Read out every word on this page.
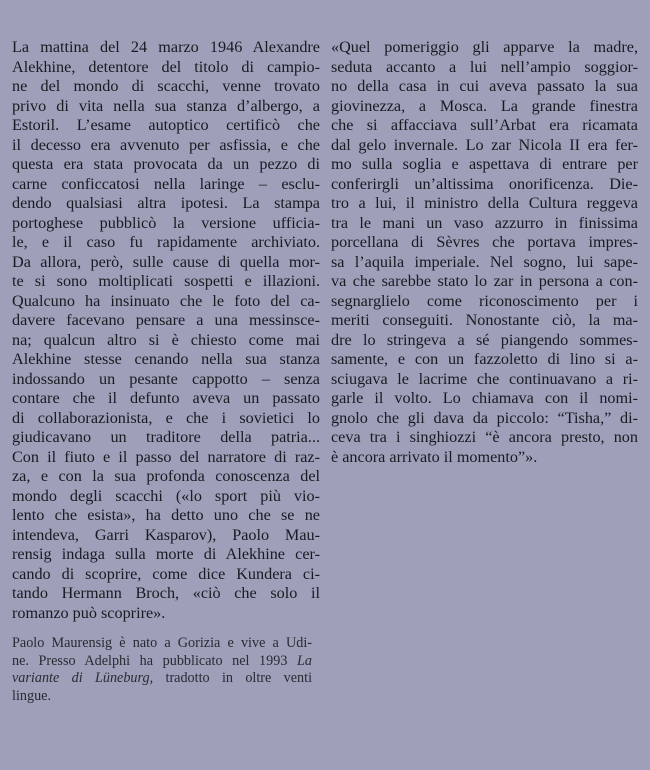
La mattina del 24 marzo 1946 Alexandre
Alekhine, detentore del titolo di campio-
ne del mondo di scacchi, venne trovato
privo di vita nella sua stanza d’albergo, a
Estoril. L’esame autoptico certificò che
il decesso era avvenuto per asfissia, e che
questa era stata provocata da un pezzo di
carne conficcatosi nella laringe – esclu-
dendo qualsiasi altra ipotesi. La stampa
portoghese pubblicò la versione ufficia-
le, e il caso fu rapidamente archiviato.
Da allora, però, sulle cause di quella mor-
te si sono moltiplicati sospetti e illazioni.
Qualcuno ha insinuato che le foto del ca-
davere facevano pensare a una messinsce-
na; qualcun altro si è chiesto come mai
Alekhine stesse cenando nella sua stanza
indossando un pesante cappotto – senza
contare che il defunto aveva un passato
di collaborazionista, e che i sovietici lo
giudicavano un traditore della patria...
Con il fiuto e il passo del narratore di raz-
za, e con la sua profonda conoscenza del
mondo degli scacchi («lo sport più vio-
lento che esista», ha detto uno che se ne
intendeva, Garri Kasparov), Paolo Mau-
rensig indaga sulla morte di Alekhine cer-
cando di scoprire, come dice Kundera ci-
tando Hermann Broch, «ciò che solo il
romanzo può scoprire».
«Quel pomeriggio gli apparve la madre,
seduta accanto a lui nell’ampio soggior-
no della casa in cui aveva passato la sua
giovinezza, a Mosca. La grande finestra
che si affacciava sull’Arbat era ricamata
dal gelo invernale. Lo zar Nicola II era fer-
mo sulla soglia e aspettava di entrare per
conferirgli un’altissima onorificenza. Die-
tro a lui, il ministro della Cultura reggeva
tra le mani un vaso azzurro in finissima
porcellana di Sèvres che portava impres-
sa l’aquila imperiale. Nel sogno, lui sape-
va che sarebbe stato lo zar in persona a con-
segnarglielo come riconoscimento per i
meriti conseguiti. Nonostante ciò, la ma-
dre lo stringeva a sé piangendo sommes-
samente, e con un fazzoletto di lino si a-
sciugava le lacrime che continuavano a ri-
garle il volto. Lo chiamava con il nomi-
gnolo che gli dava da piccolo: “Tisha,” di-
ceva tra i singhiozzi “è ancora presto, non
è ancora arrivato il momento”».
Paolo Maurensig è nato a Gorizia e vive a Udi-
ne. Presso Adelphi ha pubblicato nel 1993 La
variante di Lüneburg, tradotto in oltre venti
lingue.
